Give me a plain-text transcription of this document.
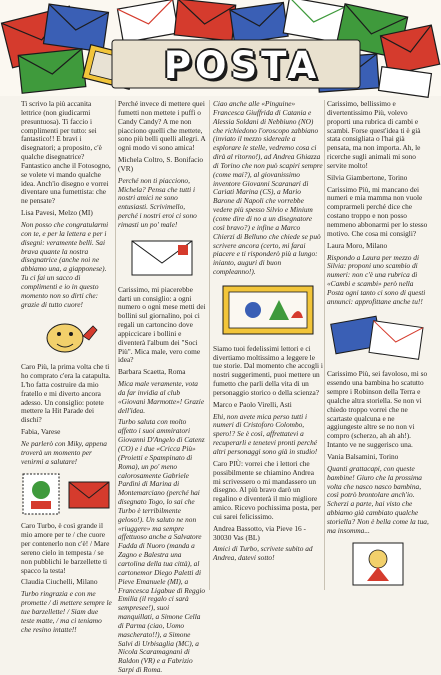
POSTA

Ti scrivo la più accanita lettrice (non giudicarmi presuntuosa). Ti faccio i complimenti per tutto: sei fantastico!! E bravi i disegnatori; a proposito, c'è qualche disegnatrice? Fantastico anche il Fotosogno, se volete vi mando qualche idea. Anch'io disegno e vorrei diventare una fumettista: che ne pensate?

Lisa Pavesi, Melzo (MI)

Non posso che congratularmi con te, e per la lettera e per i disegni: veramente belli. Sai brava quante la nostra disegnatrice (anche noi ne abbiamo una, a giapponese). Tu ci fai un sacco di complimenti e io in questo momento non so dirti che: grazie di tutto cuore!

Caro Più, la prima volta che ti ho comprato c'era la catapulta. L'ho fatta costruire da mio fratello e mi diverto ancora adesso. Un consiglio: potete mettere la Hit Parade dei dischi?

Fabia, Varese

Ne parlerò con Miky, appena troverà un momento per venirmi a salutare!

Caro Turbo, è così grande il mio amore per te / che cuore per contenerlo non c'è! / Mare sereno cielo in tempesta / se non pubblichi le barzellette ti spacco la testa!

Claudia Ciuchelli, Milano

Turbo ringrazia e con me promette / di mettere sempre le tue barzellette! / Siam due teste matte, / ma ci teniamo che resino intatte!!

Perché invece di mettere quei fumetti non mettete i puffi o Candy Candy? A me non piacciono quelli che mettete, sono più belli quelli allegri. A ogni modo vi sono amica!

Michela Coltro, S. Bonifacio (VR)

Perché non ti piacciono, Michela? Pensa che tutti i nostri amici ne sono entusiasti. Scrivimello, perché i nostri eroi ci sono rimasti un po' male!

Carissimo, mi piacerebbe darti un consiglio: a ogni numero o ogni mese metti dei bollini sul giornalino, poi ci regali un cartoncino dove appiccicare i bollini e diventerà l'album dei "Soci Più". Mica male, vero come idea?

Barbara Scaetta, Roma

Mica male veramente, vota da far invidia al club «Giovani Marmotte»! Grazie dell'idea.

Turbo saluta con molto affetto i suoi ammiratori Giovanni D'Angelo di Catenz (CO) e i due «Cricca Più» (Proietti e Spampinato di Roma), un po' meno calorosamente Gabriele Pardini di Marina di Montemarciano (perché hai disegnato Togo, lo sai che Turbo è terribilmente geloso!). Un saluto ne non «riuggere» ma sempre affettuoso anche a Salvatore Fadda di Nuoro (manda a Zagno e Balestra una cartolina della tua città), al cartonemor Diego Paletti di Pieve Emanuele (MI), a Francesca Ligabue di Reggio Emilia (il regalo ci sarà sempresee!), suoi manquillati, a Simone Cella di Parma (ciao, Uomo mascherato!!), a Simone Salvi di Urbisaglia (MC), a Nicola Scaramagnani di Raldon (VR) e a Fabrizio Sarpi di Roma.

Ciao anche alle «Pinguine» Francesca Giuffrida di Catania e Alessia Soldani di Nebbiuno (NO) che richiedono l'oroscopo zabbiano (inviato il mezzo sidereale a esplorare le stelle, vedremo cosa ci dirà al ritorno!), ad Andrea Ghiazza di Torino che non può scapiri sempre (come mai?), al giovanissimo inventore Giovanni Scaranari di Cariati Marina (CS), a Mario Barone di Napoli che vorrebbe vedere più spesso Silvio e Minium (come dire di no a un disegnatore così bravo?) e infine a Marco Chierzi di Belluno che chiede se può scrivere ancora (certo, mi farai piacere e ti risponderò più a lungo: inianto, auguri di buon compleanno!).

Siamo tuoi fedelissimi lettori e ci divertiamo moltissimo a leggere le tue storie. Dal momento che accogli i nostri suggerimenti, puoi mettere un fumetto che parli della vita di un personaggio storico o della scienza?

Marco e Paolo Virelli, Asti

Ehi, non avete mica perso tutti i numeri di Cristoforo Colombo, spero!? Se è così, affrettatevi a recuperarli e tenetevi pronti perché altri personaggi sono già in studio!

Caro PIÙ: vorrei che i lettori che possibilmente se chiamino Andrea mi scrivessero o mi mandassero un disegno. Al più bravo darò un regalino e diventerà il mio migliore amico. Ricevo pochissima posta, per cui sarei felicissimo.

Andrea Bassotto, via Pieve 16 - 30030 Vas (BL)

Amici di Turbo, scrivete subito ad Andrea, datevi sotto!

Carissimo, bellissimo e divertentissimo Più, volevo proporti una rubrica di cambi e scambi. Forse quest'idea ti è già stata consigliata o l'hai già pensata, ma non importa. Ah, le ricerche sugli animali mi sono servite molto!

Silvia Giambertone, Torino

Carissimo Più, mi mancano dei numeri e mia mamma non vuole comprarmeli perché dice che costano troppo e non posso nemmeno abbonarmi per lo stesso motivo. Che cosa mi consigli?

Laura Moro, Milano

Rispondo a Laura per mezzo di Silvia: proponi uno scambio di numeri: non c'è una rubrica di «Cambi e scambi» però nella Posta ogni tanto ci sono di questi annunci: approfittane anche tu!!

Carissimo Più, sei favoloso, mi so essendo una bambina ho scatutto sempre i Robinson della Terra e qualche altra storiella. Se non vi chiedo troppo vorrei che ne scartaste qualcuna e ne aggiungeste altre se no non vi compro (scherzo, ah ah ah!). Intanto ve ne suggerisco una.

Vania Balsamini, Torino

Quanti grattacapi, con queste bambine! Giuro che la prossima volta che nasco nasco bambina, così potrò brontolare anch'io. Scherzi a parte, hai visto che abbiamo già cambiato qualche storiella? Non è bella come la tua, ma insomma...
